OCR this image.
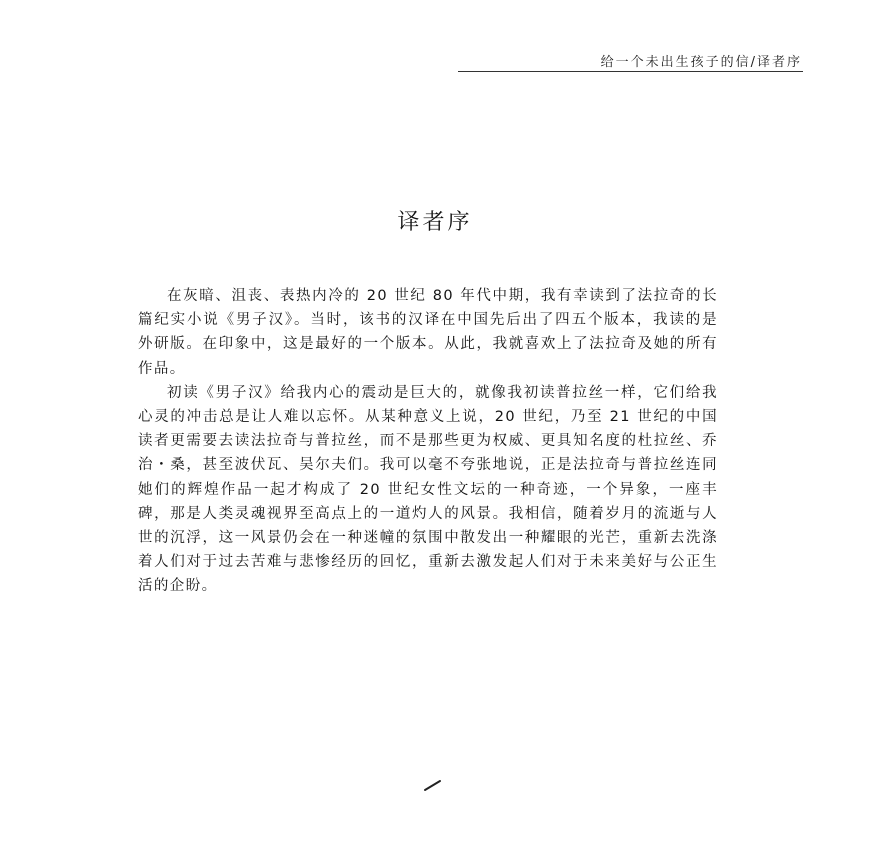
给一个未出生孩子的信/译者序
译者序

在灰暗、沮丧、表热内冷的 20 世纪 80 年代中期，我有幸读到了法拉奇的长篇纪实小说《男子汉》。当时，该书的汉译在中国先后出了四五个版本，我读的是外研版。在印象中，这是最好的一个版本。从此，我就喜欢上了法拉奇及她的所有作品。

初读《男子汉》给我内心的震动是巨大的，就像我初读普拉丝一样，它们给我心灵的冲击总是让人难以忘怀。从某种意义上说，20 世纪，乃至 21 世纪的中国读者更需要去读法拉奇与普拉丝，而不是那些更为权威、更具知名度的杜拉丝、乔治・桑，甚至波伏瓦、吴尔夫们。我可以毫不夸张地说，正是法拉奇与普拉丝连同她们的辉煌作品一起才构成了 20 世纪女性文坛的一种奇迹，一个异象，一座丰碑，那是人类灵魂视界至高点上的一道灼人的风景。我相信，随着岁月的流逝与人世的沉浮，这一风景仍会在一种迷幢的氛围中散发出一种耀眼的光芒，重新去洗涤着人们对于过去苦难与悲惨经历的回忆，重新去激发起人们对于未来美好与公正生活的企盼。
